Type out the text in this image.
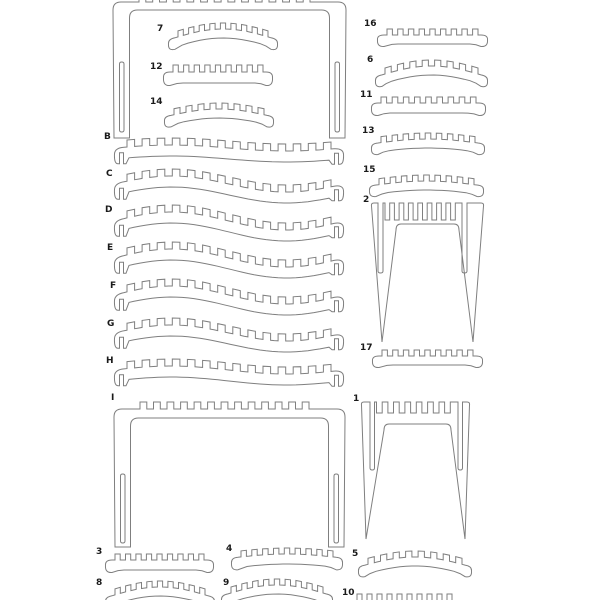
7
12
14
B
C
D
E
F
G
H
I
16
6
11
13
15
2
17
1
5
3	4
8	9
10
